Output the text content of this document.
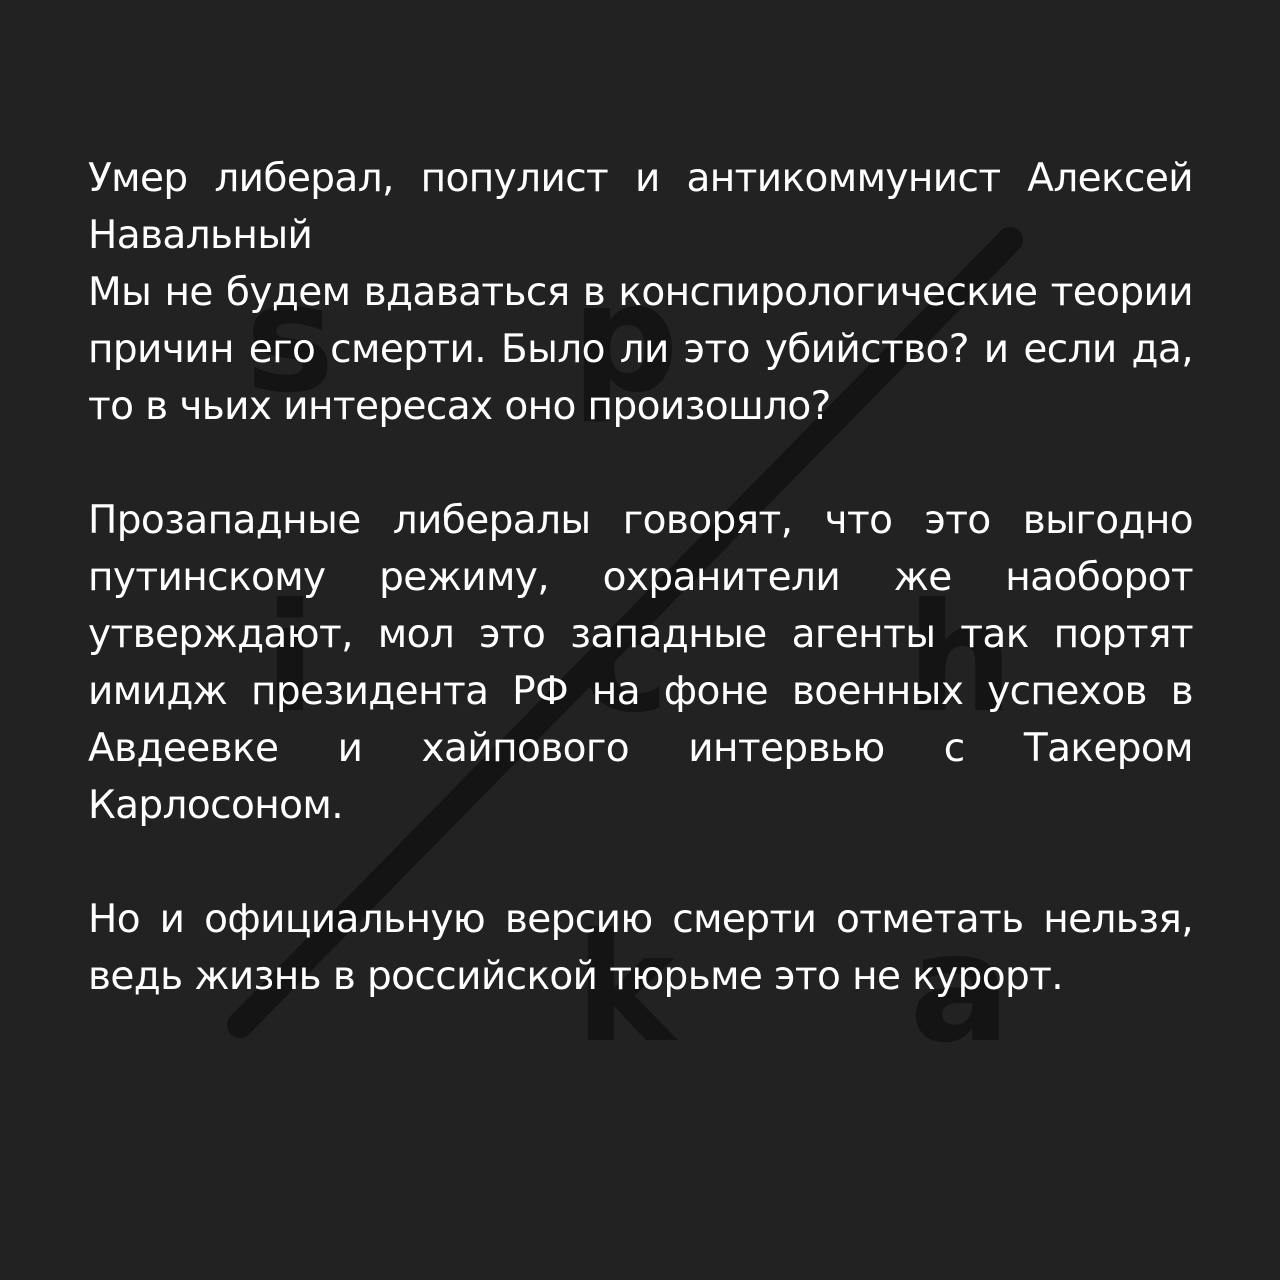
s p
i c h
k a

Умер либерал, популист и антикоммунист Алексей Навальный
Мы не будем вдаваться в конспирологические теории причин его смерти. Было ли это убийство? и если да, то в чьих интересах оно произошло?

Прозападные либералы говорят, что это выгодно путинскому режиму, охранители же наоборот утверждают, мол это западные агенты так портят имидж президента РФ на фоне военных успехов в Авдеевке и хайпового интервью с Такером Карлосоном.

Но и официальную версию смерти отметать нельзя, ведь жизнь в российской тюрьме это не курорт.
